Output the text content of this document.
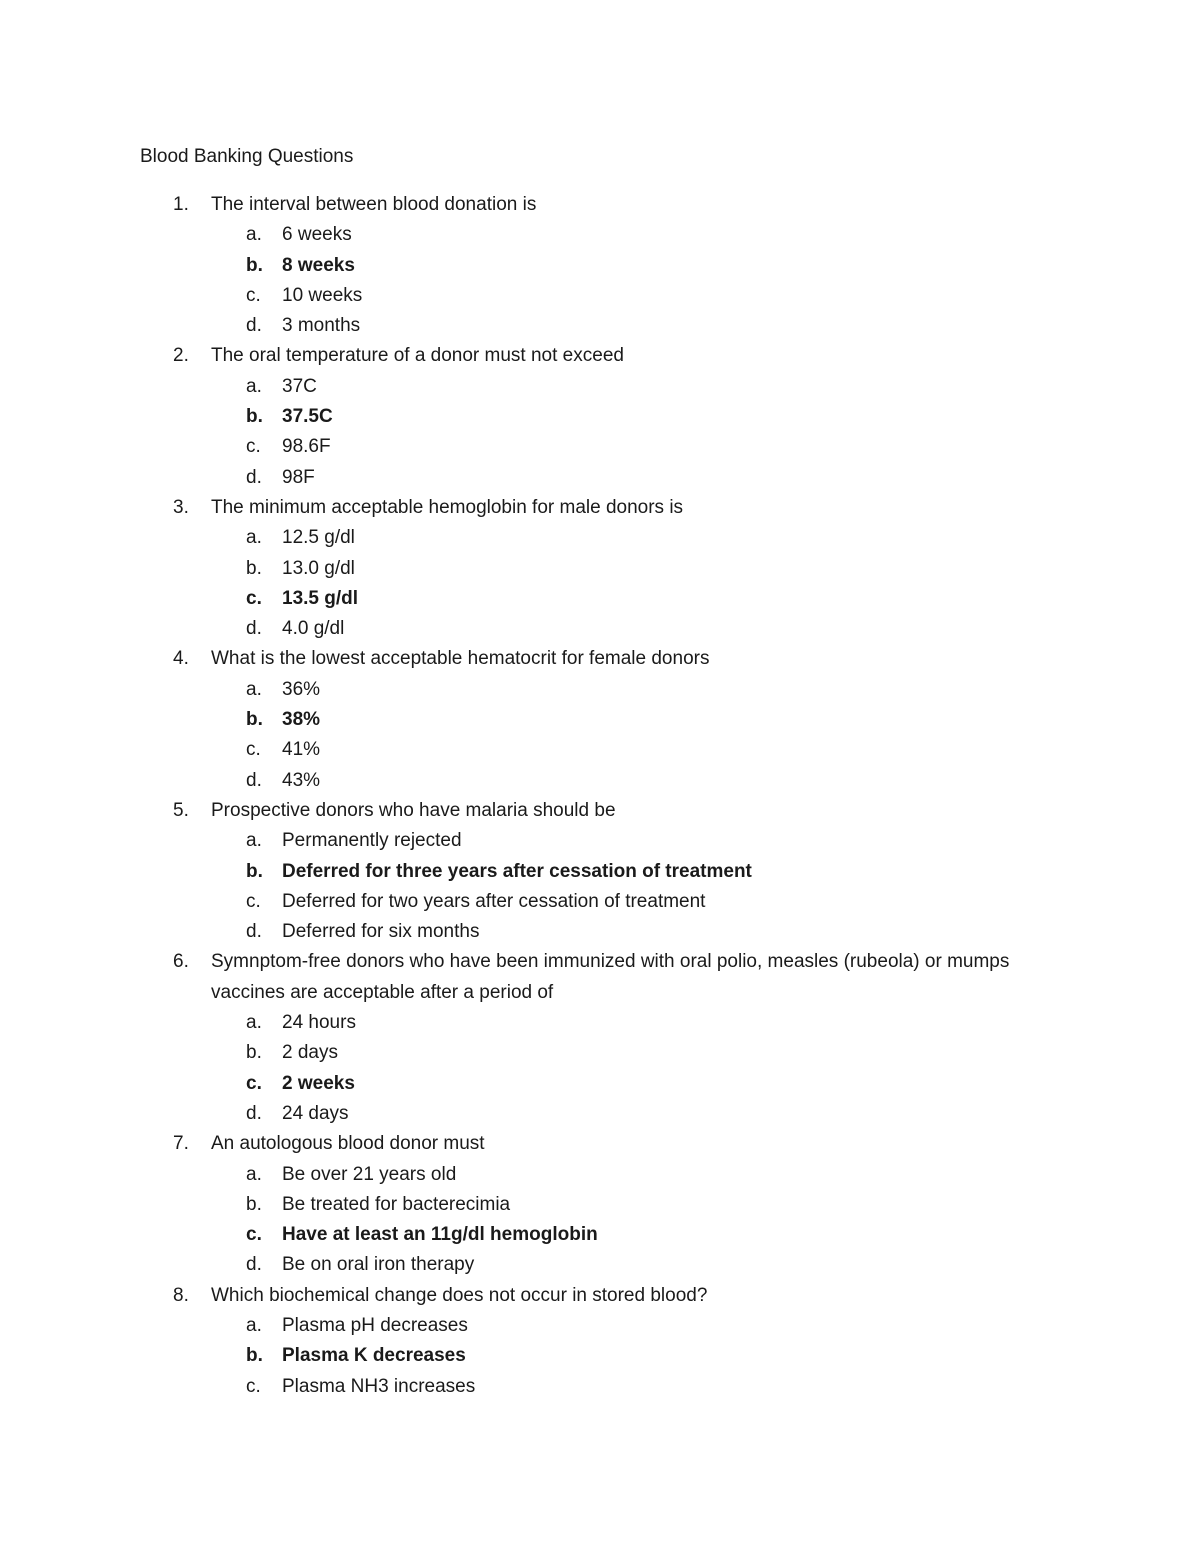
Blood Banking Questions
1. The interval between blood donation is
a. 6 weeks
b. 8 weeks
c. 10 weeks
d. 3 months
2. The oral temperature of a donor must not exceed
a. 37C
b. 37.5C
c. 98.6F
d. 98F
3. The minimum acceptable hemoglobin for male donors is
a. 12.5 g/dl
b. 13.0 g/dl
c. 13.5 g/dl
d. 4.0 g/dl
4. What is the lowest acceptable hematocrit for female donors
a. 36%
b. 38%
c. 41%
d. 43%
5. Prospective donors who have malaria should be
a. Permanently rejected
b. Deferred for three years after cessation of treatment
c. Deferred for two years after cessation of treatment
d. Deferred for six months
6. Symnptom-free donors who have been immunized with oral polio, measles (rubeola) or mumps
vaccines are acceptable after a period of
a. 24 hours
b. 2 days
c. 2 weeks
d. 24 days
7. An autologous blood donor must
a. Be over 21 years old
b. Be treated for bacterecimia
c. Have at least an 11g/dl hemoglobin
d. Be on oral iron therapy
8. Which biochemical change does not occur in stored blood?
a. Plasma pH decreases
b. Plasma K decreases
c. Plasma NH3 increases
